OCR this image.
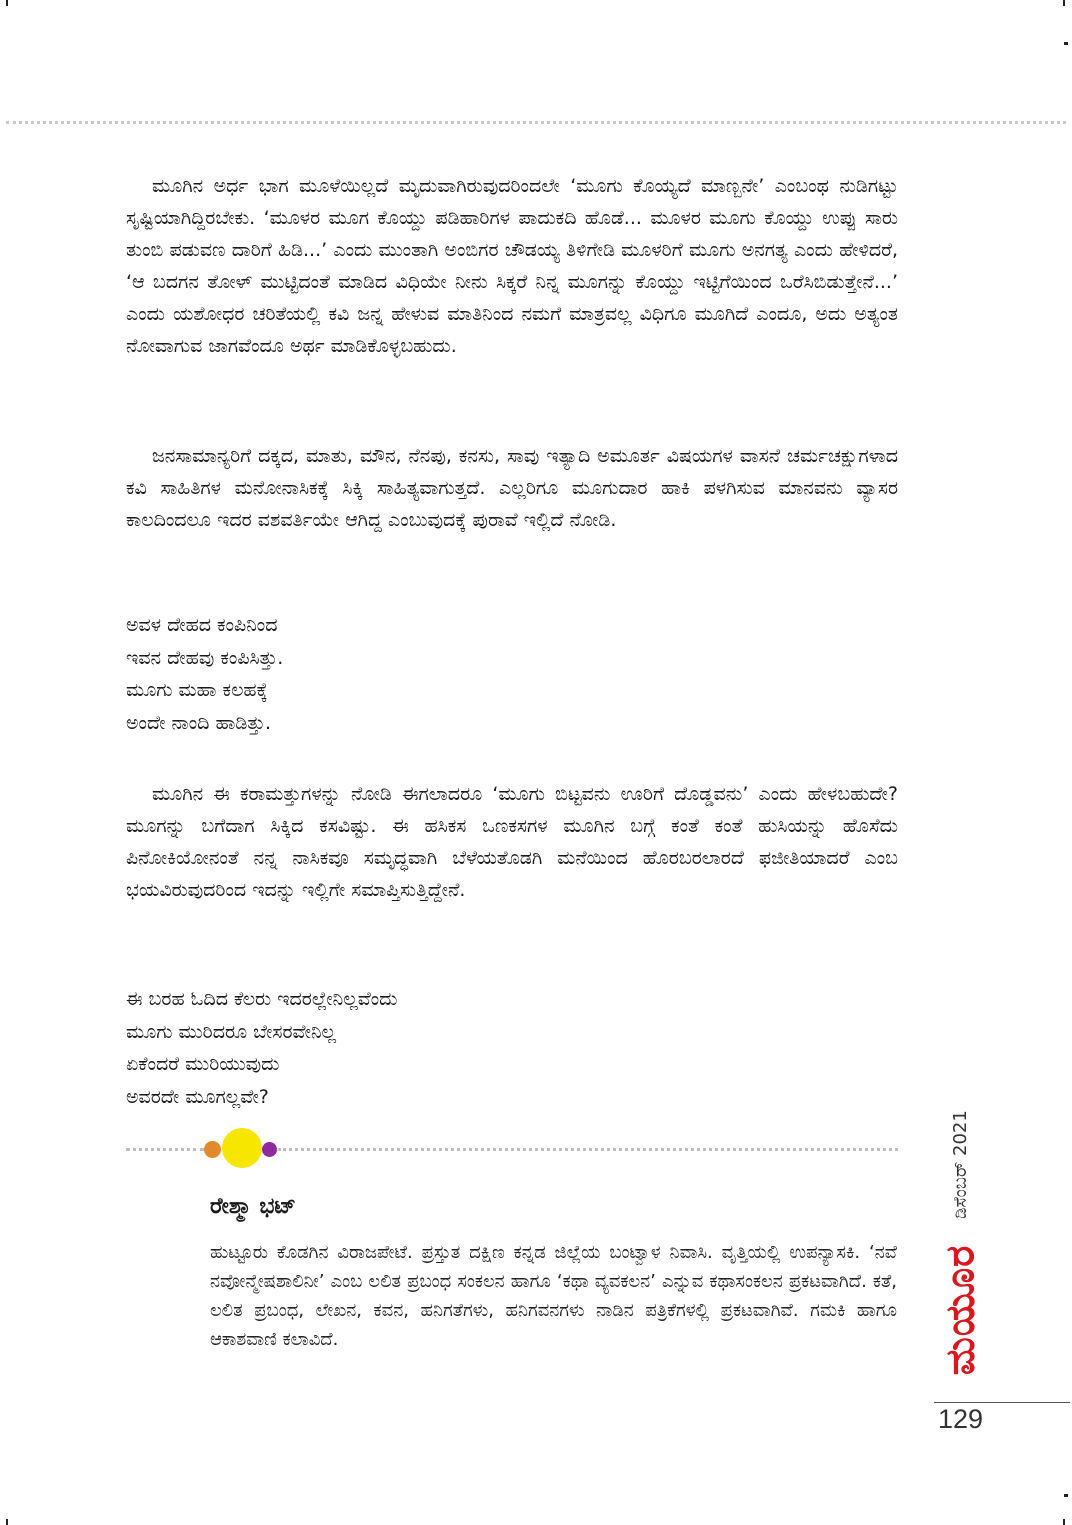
ಮೂಗಿನ ಅರ್ಧ ಭಾಗ ಮೂಳೆಯಿಲ್ಲದೆ ಮೃದುವಾಗಿರುವುದರಿಂದಲೇ ‘ಮೂಗು ಕೊಯ್ಯದೆ ಮಾಣ್ಬನೇ’ ಎಂಬಂಥ ನುಡಿಗಟ್ಟು ಸೃಷ್ಟಿಯಾಗಿದ್ದಿರಬೇಕು. ‘ಮೂಳರ ಮೂಗ ಕೊಯ್ದು ಪಡಿಹಾರಿಗಳ ಪಾದುಕದಿ ಹೊಡೆ... ಮೂಳರ ಮೂಗು ಕೊಯ್ದು ಉಪ್ಪು ಸಾರು ತುಂಬಿ ಪಡುವಣ ದಾರಿಗೆ ಹಿಡಿ...’ ಎಂದು ಮುಂತಾಗಿ ಅಂಬಿಗರ ಚೌಡಯ್ಯ ತಿಳಿಗೇಡಿ ಮೂಳರಿಗೆ ಮೂಗು ಅನಗತ್ಯ ಎಂದು ಹೇಳಿದರೆ, ‘ಆ ಬದಗನ ತೋಳ್ ಮುಟ್ಟಿದಂತೆ ಮಾಡಿದ ವಿಧಿಯೇ ನೀನು ಸಿಕ್ಕರೆ ನಿನ್ನ ಮೂಗನ್ನು ಕೊಯ್ದು ಇಟ್ಟಿಗೆಯಿಂದ ಒರೆಸಿಬಿಡುತ್ತೇನೆ...’ ಎಂದು ಯಶೋಧರ ಚರಿತೆಯಲ್ಲಿ ಕವಿ ಜನ್ನ ಹೇಳುವ ಮಾತಿನಿಂದ ನಮಗೆ ಮಾತ್ರವಲ್ಲ ವಿಧಿಗೂ ಮೂಗಿದೆ ಎಂದೂ, ಅದು ಅತ್ಯಂತ ನೋವಾಗುವ ಜಾಗವೆಂದೂ ಅರ್ಥ ಮಾಡಿಕೊಳ್ಳಬಹುದು.

ಜನಸಾಮಾನ್ಯರಿಗೆ ದಕ್ಕದ, ಮಾತು, ಮೌನ, ನೆನಪು, ಕನಸು, ಸಾವು ಇತ್ಯಾದಿ ಅಮೂರ್ತ ವಿಷಯಗಳ ವಾಸನೆ ಚರ್ಮಚಕ್ಷುಗಳಾದ ಕವಿ ಸಾಹಿತಿಗಳ ಮನೋನಾಸಿಕಕ್ಕೆ ಸಿಕ್ಕಿ ಸಾಹಿತ್ಯವಾಗುತ್ತದೆ. ಎಲ್ಲರಿಗೂ ಮೂಗುದಾರ ಹಾಕಿ ಪಳಗಿಸುವ ಮಾನವನು ವ್ಯಾಸರ ಕಾಲದಿಂದಲೂ ಇದರ ವಶವರ್ತಿಯೇ ಆಗಿದ್ದ ಎಂಬುವುದಕ್ಕೆ ಪುರಾವೆ ಇಲ್ಲಿದೆ ನೋಡಿ.

ಅವಳ ದೇಹದ ಕಂಪಿನಿಂದ
ಇವನ ದೇಹವು ಕಂಪಿಸಿತ್ತು.
ಮೂಗು ಮಹಾ ಕಲಹಕ್ಕೆ
ಅಂದೇ ನಾಂದಿ ಹಾಡಿತ್ತು.

ಮೂಗಿನ ಈ ಕರಾಮತ್ತುಗಳನ್ನು ನೋಡಿ ಈಗಲಾದರೂ ‘ಮೂಗು ಬಿಟ್ಟವನು ಊರಿಗೆ ದೊಡ್ಡವನು’ ಎಂದು ಹೇಳಬಹುದೇ? ಮೂಗನ್ನು ಬಗೆದಾಗ ಸಿಕ್ಕಿದ ಕಸವಿಷ್ಟು. ಈ ಹಸಿಕಸ ಒಣಕಸಗಳ ಮೂಗಿನ ಬಗ್ಗೆ ಕಂತೆ ಕಂತೆ ಹುಸಿಯನ್ನು ಹೊಸೆದು ಪಿನೋಕಿಯೋನಂತೆ ನನ್ನ ನಾಸಿಕವೂ ಸಮೃದ್ಧವಾಗಿ ಬೆಳೆಯತೊಡಗಿ ಮನೆಯಿಂದ ಹೊರಬರಲಾರದೆ ಫಜೀತಿಯಾದರೆ ಎಂಬ ಭಯವಿರುವುದರಿಂದ ಇದನ್ನು ಇಲ್ಲಿಗೇ ಸಮಾಪ್ತಿಸುತ್ತಿದ್ದೇನೆ.

ಈ ಬರಹ ಓದಿದ ಕೆಲರು ಇದರಲ್ಲೇನಿಲ್ಲವೆಂದು
ಮೂಗು ಮುರಿದರೂ ಬೇಸರವೇನಿಲ್ಲ
ಏಕೆಂದರೆ ಮುರಿಯುವುದು
ಅವರದೇ ಮೂಗಲ್ಲವೇ?
ರೇಶ್ಮಾ ಭಟ್

ಹುಟ್ಟೂರು ಕೊಡಗಿನ ವಿರಾಜಪೇಟೆ. ಪ್ರಸ್ತುತ ದಕ್ಷಿಣ ಕನ್ನಡ ಜಿಲ್ಲೆಯ ಬಂಟ್ವಾಳ ನಿವಾಸಿ. ವೃತ್ತಿಯಲ್ಲಿ ಉಪನ್ಯಾಸಕಿ. ‘ನವೆ ನವೋನ್ಮೇಷಶಾಲಿನೀ’ ಎಂಬ ಲಲಿತ ಪ್ರಬಂಧ ಸಂಕಲನ ಹಾಗೂ ‘ಕಥಾ ವ್ಯವಕಲನ’ ಎನ್ನುವ ಕಥಾಸಂಕಲನ ಪ್ರಕಟವಾಗಿದೆ. ಕತೆ, ಲಲಿತ ಪ್ರಬಂಧ, ಲೇಖನ, ಕವನ, ಹನಿಗತೆಗಳು, ಹನಿಗವನಗಳು ನಾಡಿನ ಪತ್ರಿಕೆಗಳಲ್ಲಿ ಪ್ರಕಟವಾಗಿವೆ. ಗಮಕಿ ಹಾಗೂ ಆಕಾಶವಾಣಿ ಕಲಾವಿದೆ.

ಡಿಸೆಂಬರ್ 2021
ಮಯೂರ
129
